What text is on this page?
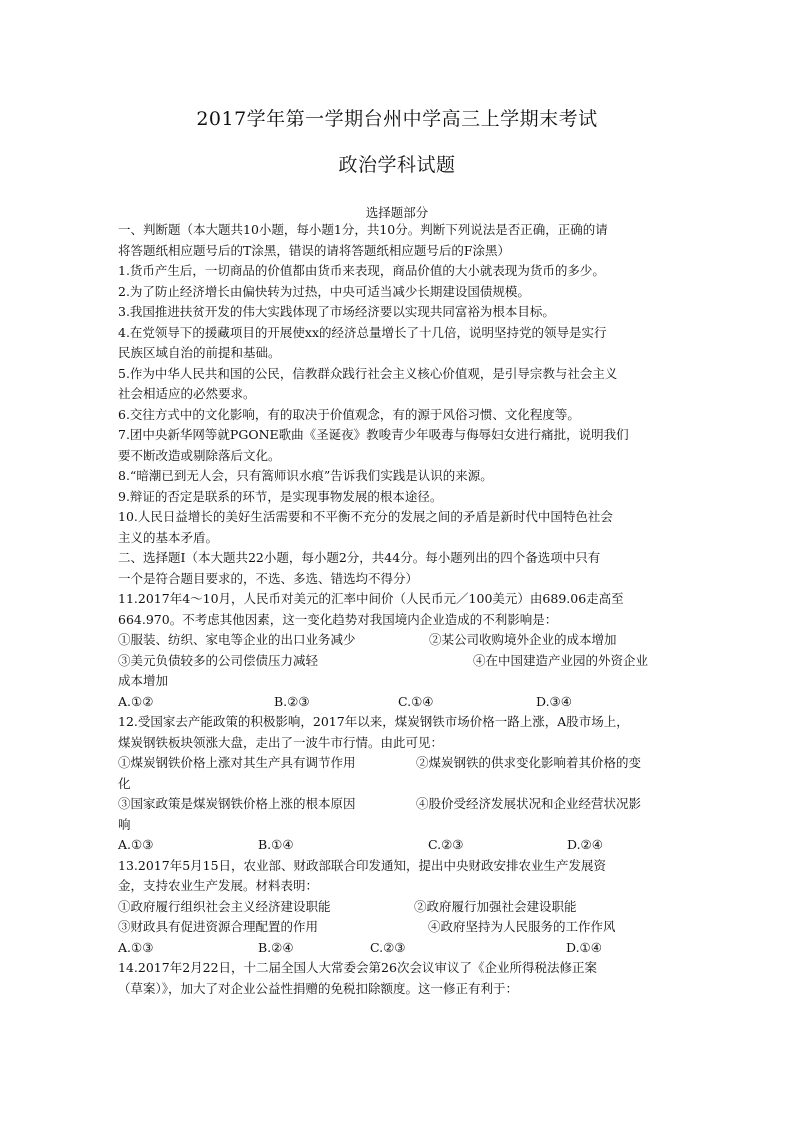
2017学年第一学期台州中学高三上学期末考试
政治学科试题
选择题部分
一、判断题（本大题共10小题，每小题1分，共10分。判断下列说法是否正确，正确的请
将答题纸相应题号后的T涂黑，错误的请将答题纸相应题号后的F涂黑）
1.货币产生后，一切商品的价值都由货币来表现，商品价值的大小就表现为货币的多少。
2.为了防止经济增长由偏快转为过热，中央可适当减少长期建设国债规模。
3.我国推进扶贫开发的伟大实践体现了市场经济要以实现共同富裕为根本目标。
4.在党领导下的援藏项目的开展使xx的经济总量增长了十几倍，说明坚持党的领导是实行
民族区域自治的前提和基础。
5.作为中华人民共和国的公民，信教群众践行社会主义核心价值观，是引导宗教与社会主义
社会相适应的必然要求。
6.交往方式中的文化影响，有的取决于价值观念，有的源于风俗习惯、文化程度等。
7.团中央新华网等就PGONE歌曲《圣诞夜》教唆青少年吸毒与侮辱妇女进行痛批，说明我们
要不断改造或剔除落后文化。
8.“暗潮已到无人会，只有篙师识水痕”告诉我们实践是认识的来源。
9.辩证的否定是联系的环节，是实现事物发展的根本途径。
10.人民日益增长的美好生活需要和不平衡不充分的发展之间的矛盾是新时代中国特色社会
主义的基本矛盾。
二、选择题Ⅰ（本大题共22小题，每小题2分，共44分。每小题列出的四个备选项中只有
一个是符合题目要求的，不选、多选、错选均不得分）
11.2017年4～10月，人民币对美元的汇率中间价（人民币元／100美元）由689.06走高至
664.970。不考虑其他因素，这一变化趋势对我国境内企业造成的不利影响是：
①服装、纺织、家电等企业的出口业务减少	②某公司收购境外企业的成本增加
③美元负债较多的公司偿债压力减轻	④在中国建造产业园的外资企业
成本增加
A.①②	B.②③	C.①④	D.③④
12.受国家去产能政策的积极影响，2017年以来，煤炭钢铁市场价格一路上涨，A股市场上，
煤炭钢铁板块领涨大盘，走出了一波牛市行情。由此可见：
①煤炭钢铁价格上涨对其生产具有调节作用	②煤炭钢铁的供求变化影响着其价格的变
化
③国家政策是煤炭钢铁价格上涨的根本原因	④股价受经济发展状况和企业经营状况影
响
A.①③	B.①④	C.②③	D.②④
13.2017年5月15日，农业部、财政部联合印发通知，提出中央财政安排农业生产发展资
金，支持农业生产发展。材料表明：
①政府履行组织社会主义经济建设职能	②政府履行加强社会建设职能
③财政具有促进资源合理配置的作用	④政府坚持为人民服务的工作作风
A.①③	B.②④	C.②③	D.①④
14.2017年2月22日，十二届全国人大常委会第26次会议审议了《企业所得税法修正案
（草案）》，加大了对企业公益性捐赠的免税扣除额度。这一修正有利于：
